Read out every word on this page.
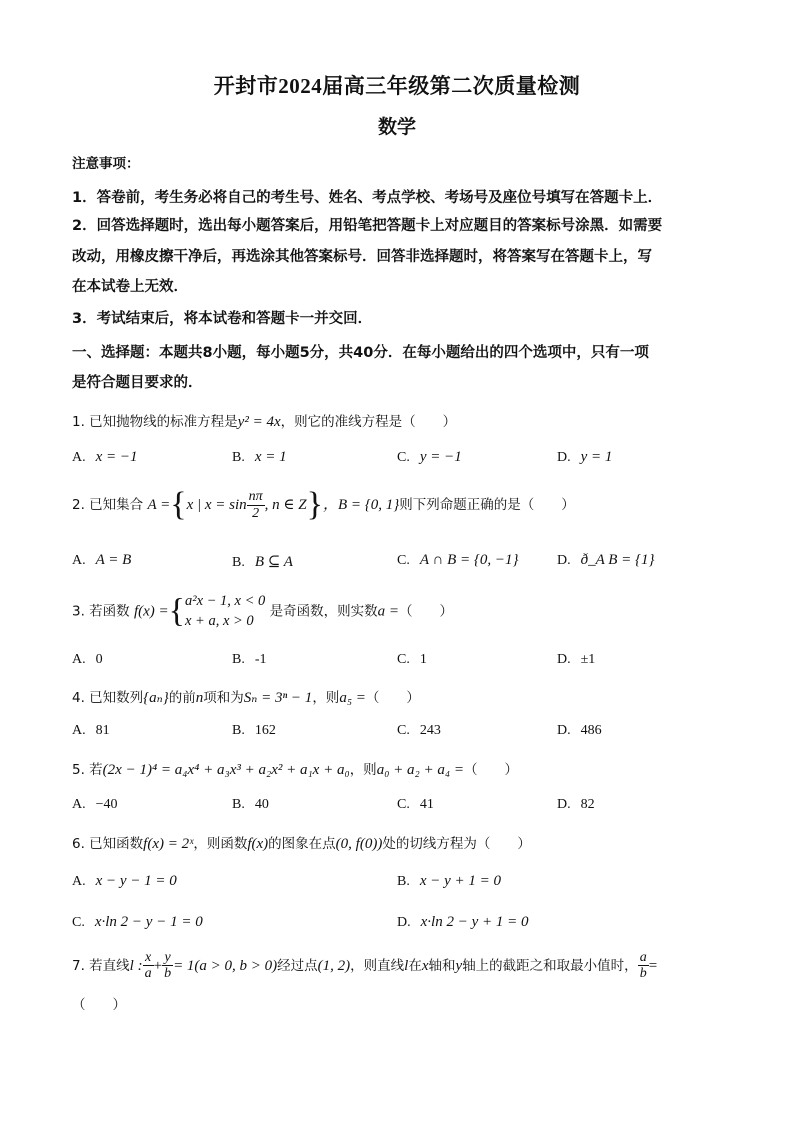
开封市2024届高三年级第二次质量检测
数学
注意事项：
1．答卷前，考生务必将自己的考生号、姓名、考点学校、考场号及座位号填写在答题卡上．
2．回答选择题时，选出每小题答案后，用铅笔把答题卡上对应题目的答案标号涂黑．如需要
改动，用橡皮擦干净后，再选涂其他答案标号．回答非选择题时，将答案写在答题卡上，写
在本试卷上无效．
3．考试结束后，将本试卷和答题卡一并交回．
一、选择题：本题共8小题，每小题5分，共40分．在每小题给出的四个选项中，只有一项
是符合题目要求的．
1. 已知抛物线的标准方程是y² = 4x，则它的准线方程是（　　）
A. x = −1	B. x = 1	C. y = −1	D. y = 1
2. 已知集合 A ={x | $x = \sin \frac{n\pi}{2}$ , n ∈ Z}，B = {0, 1}则下列命题正确的是（　　）
A. A = B	B. B ⊆ A	C. A ∩ B = {0, −1}	D. ð_A B = {1}
3. 若函数 f(x) ={ a²x − 1, x < 0
x + a, x > 0
是奇函数，则实数a =（　　）
A. 0	B. -1	C. 1	D. ±1
4. 已知数列{aₙ}的前n项和为Sₙ = 3ⁿ − 1，则a₅ =（　　）
A. 81	B. 162	C. 243	D. 486
5. 若(2x − 1)⁴ = a₄x⁴ + a₃x³ + a₂x² + a₁x + a₀，则a₀ + a₂ + a₄ =（　　）
A. −40	B. 40	C. 41	D. 82
6. 已知函数f(x) = 2ˣ，则函数f(x)的图象在点(0, f(0))处的切线方程为（　　）
A. x − y − 1 = 0	B. x − y + 1 = 0
C. x·ln 2 − y − 1 = 0	D. x·ln 2 − y + 1 = 0
7. 若直线l : $\frac{x}{a} + \frac{y}{b} = 1(a > 0$, b > 0)经过点(1, 2)，则直线l在x轴和y轴上的截距之和取最小值时， $\frac{a}{b}$ =
（　　）
